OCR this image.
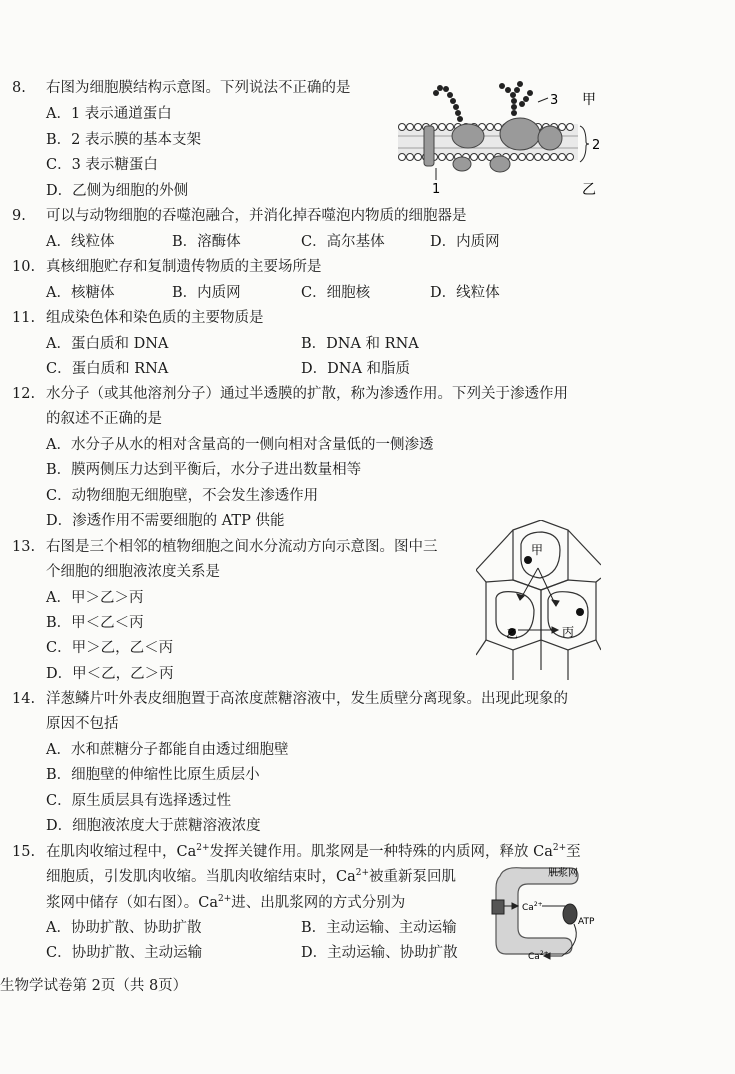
8. 右图为细胞膜结构示意图。下列说法不正确的是
A．1 表示通道蛋白
B．2 表示膜的基本支架
C．3 表示糖蛋白
D．乙侧为细胞的外侧
3 甲
2
1	乙
9. 可以与动物细胞的吞噬泡融合，并消化掉吞噬泡内物质的细胞器是
A．线粒体	B．溶酶体	C．高尔基体	D．内质网
10. 真核细胞贮存和复制遗传物质的主要场所是
A．核糖体	B．内质网	C．细胞核	D．线粒体
11. 组成染色体和染色质的主要物质是
A．蛋白质和 DNA	B．DNA 和 RNA
C．蛋白质和 RNA	D．DNA 和脂质
12. 水分子（或其他溶剂分子）通过半透膜的扩散，称为渗透作用。下列关于渗透作用
的叙述不正确的是
A．水分子从水的相对含量高的一侧向相对含量低的一侧渗透
B．膜两侧压力达到平衡后，水分子进出数量相等
C．动物细胞无细胞壁，不会发生渗透作用
D．渗透作用不需要细胞的 ATP 供能
13. 右图是三个相邻的植物细胞之间水分流动方向示意图。图中三
个细胞的细胞液浓度关系是
A．甲＞乙＞丙
B．甲＜乙＜丙
C．甲＞乙，乙＜丙
D．甲＜乙，乙＞丙
甲
乙	丙
14. 洋葱鳞片叶外表皮细胞置于高浓度蔗糖溶液中，发生质壁分离现象。出现此现象的
原因不包括
A．水和蔗糖分子都能自由透过细胞壁
B．细胞壁的伸缩性比原生质层小
C．原生质层具有选择透过性
D．细胞液浓度大于蔗糖溶液浓度
15. 在肌肉收缩过程中，$Ca^{2+}$发挥关键作用。肌浆网是一种特殊的内质网，释放 $Ca^{2+}$至
细胞质，引发肌肉收缩。当肌肉收缩结束时，$Ca^{2+}$被重新泵回肌
浆网中储存（如右图）。$Ca^{2+}$进、出肌浆网的方式分别为
A．协助扩散、协助扩散	B．主动运输、主动运输
C．协助扩散、主动运输	D．主动运输、协助扩散
肌浆网
$Ca^{2+}$
ATP
$Ca^{2+}$
生物学试卷第 2页（共 8页）
